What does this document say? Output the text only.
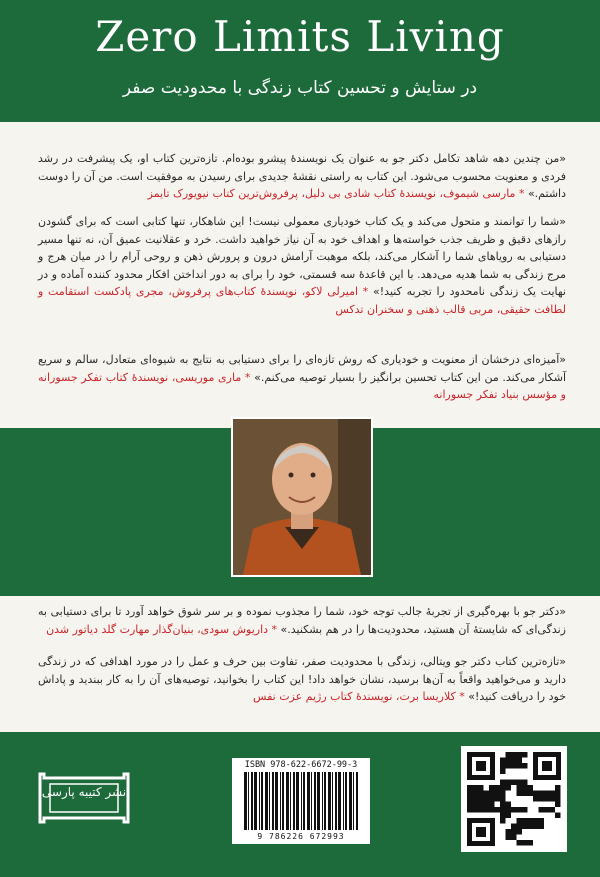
Zero Limits Living
در ستایش و تحسین کتاب زندگی با محدودیت صفر

«من چندین دهه شاهد تکامل دکتر جو به عنوان یک نویسندهٔ پیشرو بوده‌ام. تازه‌ترین کتاب او، یک پیشرفت در رشد فردی و معنویت محسوب می‌شود. این کتاب به راستی نقشهٔ جدیدی برای رسیدن به موفقیت است. من آن را دوست داشتم.» * مارسی شیموف، نویسندهٔ کتاب شادی بی دلیل، پرفروش‌ترین کتاب نیویورک تایمز

«شما را توانمند و متحول می‌کند و یک کتاب خودیاری معمولی نیست! این شاهکار، تنها کتابی است که برای گشودن رازهای دقیق و ظریف جذب خواسته‌ها و اهداف خود به آن نیاز خواهید داشت. خرد و عقلانیت عمیق آن، نه تنها مسیر دستیابی به رویاهای شما را آشکار می‌کند، بلکه موهبت آرامش درون و پرورش ذهن و روحی آرام را در میان هرج و مرج زندگی به شما هدیه می‌دهد. با این قاعدهٔ سه قسمتی، خود را برای به دور انداختن افکار محدود کننده آماده و در نهایت یک زندگی نامحدود را تجربه کنید!» * امیرلی لاکو، نویسندهٔ کتاب‌های پرفروش، مجری پادکست استقامت و لطافت حقیقی، مربی قالب ذهنی و سخنران تدکس

«آمیزه‌ای درخشان از معنویت و خودیاری که روش تازه‌ای را برای دستیابی به نتایج به شیوه‌ای متعادل، سالم و سریع آشکار می‌کند. من این کتاب تحسین برانگیز را بسیار توصیه می‌کنم.» * ماری موریسی، نویسندهٔ کتاب تفکر جسورانه و مؤسس بنیاد تفکر جسورانه

«دکتر جو با بهره‌گیری از تجربهٔ جالب توجه خود، شما را مجذوب نموده و بر سر شوق خواهد آورد تا برای دستیابی به زندگی‌ای که شایستهٔ آن هستید، محدودیت‌ها را در هم بشکنید.» * داریوش سودی، بنیان‌گذار مهارت گلد دیاتور شدن

«تازه‌ترین کتاب دکتر جو ویتالی، زندگی با محدودیت صفر، تفاوت بین حرف و عمل را در مورد اهدافی که در زندگی دارید و می‌خواهید واقعاً به آن‌ها برسید، نشان خواهد داد! این کتاب را بخوانید، توصیه‌های آن را به کار ببندید و پاداش خود را دریافت کنید!» * کلاریسا برت، نویسندهٔ کتاب رژیم عزت نفس

نشر کتیبه پارسی
ISBN 978-622-6672-99-3
9 786226 672993
